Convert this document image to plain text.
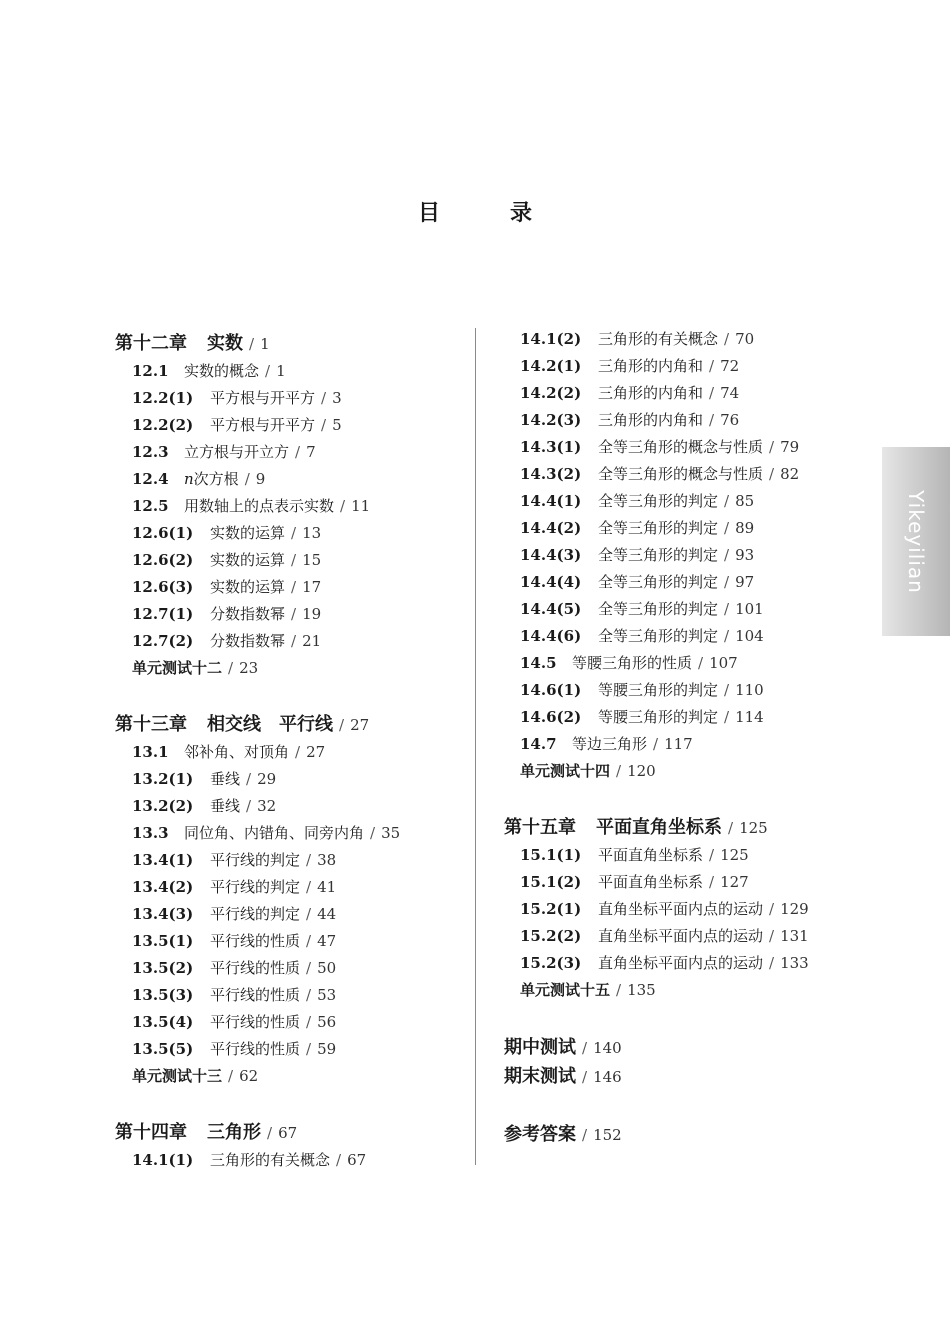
目　录
第十二章 实数 / 1
12.1 实数的概念 / 1
12.2(1) 平方根与开平方 / 3
12.2(2) 平方根与开平方 / 5
12.3 立方根与开立方 / 7
12.4 n次方根 / 9
12.5 用数轴上的点表示实数 / 11
12.6(1) 实数的运算 / 13
12.6(2) 实数的运算 / 15
12.6(3) 实数的运算 / 17
12.7(1) 分数指数幂 / 19
12.7(2) 分数指数幂 / 21
单元测试十二 / 23
第十三章 相交线　平行线 / 27
13.1 邻补角、对顶角 / 27
13.2(1) 垂线 / 29
13.2(2) 垂线 / 32
13.3 同位角、内错角、同旁内角 / 35
13.4(1) 平行线的判定 / 38
13.4(2) 平行线的判定 / 41
13.4(3) 平行线的判定 / 44
13.5(1) 平行线的性质 / 47
13.5(2) 平行线的性质 / 50
13.5(3) 平行线的性质 / 53
13.5(4) 平行线的性质 / 56
13.5(5) 平行线的性质 / 59
单元测试十三 / 62
第十四章 三角形 / 67
14.1(1) 三角形的有关概念 / 67
14.1(2) 三角形的有关概念 / 70
14.2(1) 三角形的内角和 / 72
14.2(2) 三角形的内角和 / 74
14.2(3) 三角形的内角和 / 76
14.3(1) 全等三角形的概念与性质 / 79
14.3(2) 全等三角形的概念与性质 / 82
14.4(1) 全等三角形的判定 / 85
14.4(2) 全等三角形的判定 / 89
14.4(3) 全等三角形的判定 / 93
14.4(4) 全等三角形的判定 / 97
14.4(5) 全等三角形的判定 / 101
14.4(6) 全等三角形的判定 / 104
14.5 等腰三角形的性质 / 107
14.6(1) 等腰三角形的判定 / 110
14.6(2) 等腰三角形的判定 / 114
14.7 等边三角形 / 117
单元测试十四 / 120
第十五章 平面直角坐标系 / 125
15.1(1) 平面直角坐标系 / 125
15.1(2) 平面直角坐标系 / 127
15.2(1) 直角坐标平面内点的运动 / 129
15.2(2) 直角坐标平面内点的运动 / 131
15.2(3) 直角坐标平面内点的运动 / 133
单元测试十五 / 135
期中测试 / 140
期末测试 / 146
参考答案 / 152
Yikeyilian
